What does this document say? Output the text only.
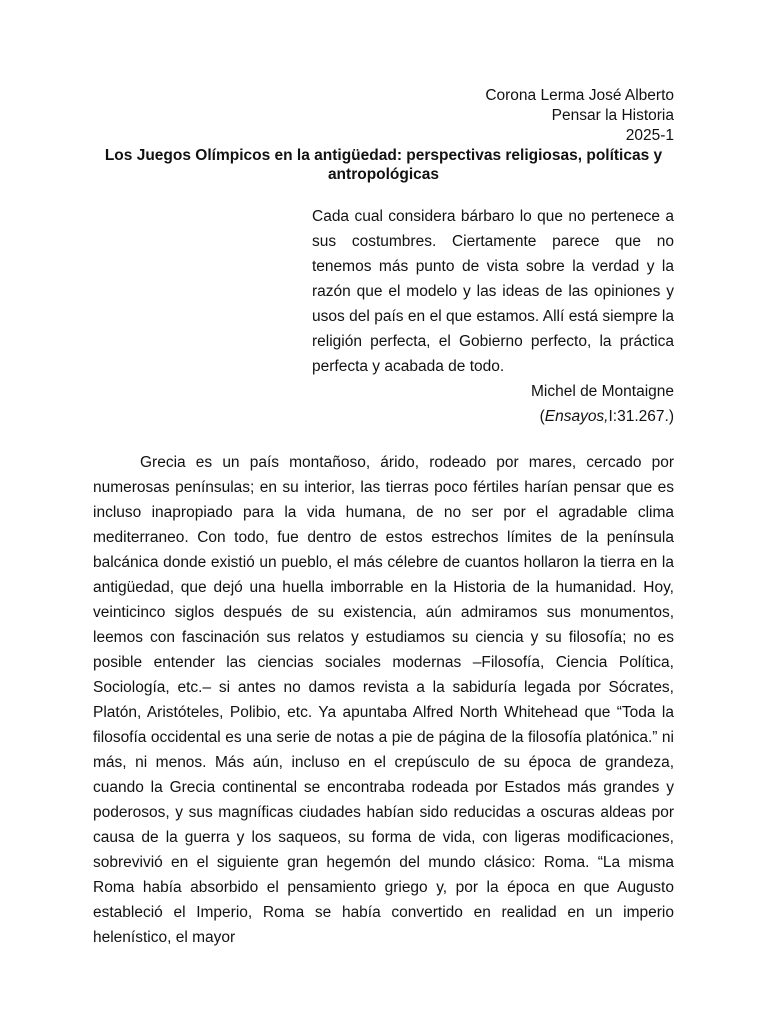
Corona Lerma José Alberto
Pensar la Historia
2025-1
Los Juegos Olímpicos en la antigüedad: perspectivas religiosas, políticas y
antropológicas
Cada cual considera bárbaro lo que no pertenece a sus costumbres. Ciertamente parece que no tenemos más punto de vista sobre la verdad y la razón que el modelo y las ideas de las opiniones y usos del país en el que estamos. Allí está siempre la religión perfecta, el Gobierno perfecto, la práctica perfecta y acabada de todo.
Michel de Montaigne
(Ensayos,I:31.267.)

Grecia es un país montañoso, árido, rodeado por mares, cercado por numerosas penínsulas; en su interior, las tierras poco fértiles harían pensar que es incluso inapropiado para la vida humana, de no ser por el agradable clima mediterraneo. Con todo, fue dentro de estos estrechos límites de la península balcánica donde existió un pueblo, el más célebre de cuantos hollaron la tierra en la antigüedad, que dejó una huella imborrable en la Historia de la humanidad. Hoy, veinticinco siglos después de su existencia, aún admiramos sus monumentos, leemos con fascinación sus relatos y estudiamos su ciencia y su filosofía; no es posible entender las ciencias sociales modernas –Filosofía, Ciencia Política, Sociología, etc.– si antes no damos revista a la sabiduría legada por Sócrates, Platón, Aristóteles, Polibio, etc. Ya apuntaba Alfred North Whitehead que “Toda la filosofía occidental es una serie de notas a pie de página de la filosofía platónica.” ni más, ni menos. Más aún, incluso en el crepúsculo de su época de grandeza, cuando la Grecia continental se encontraba rodeada por Estados más grandes y poderosos, y sus magníficas ciudades habían sido reducidas a oscuras aldeas por causa de la guerra y los saqueos, su forma de vida, con ligeras modificaciones, sobrevivió en el siguiente gran hegemón del mundo clásico: Roma. “La misma Roma había absorbido el pensamiento griego y, por la época en que Augusto estableció el Imperio, Roma se había convertido en realidad en un imperio helenístico, el mayor
